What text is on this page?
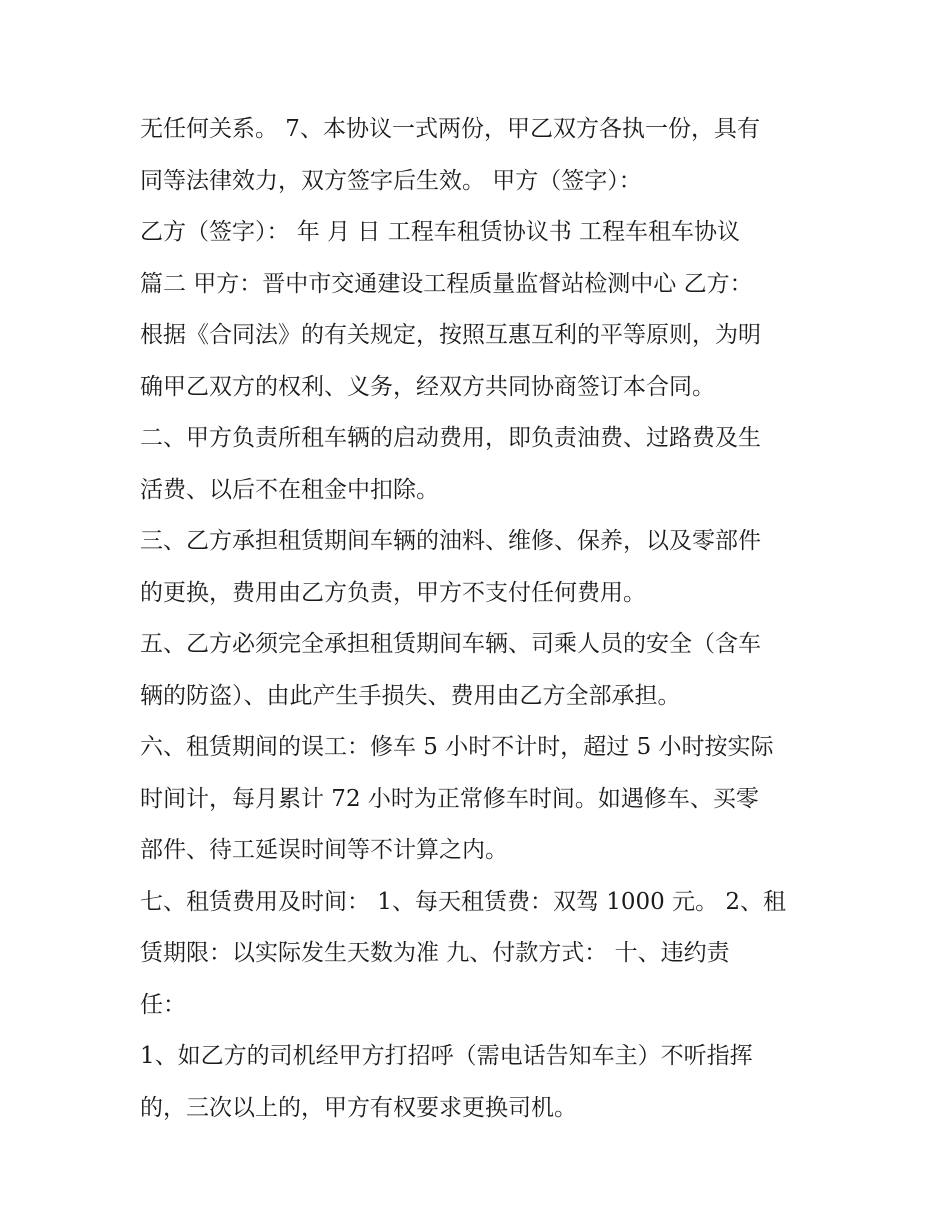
无任何关系。 7、本协议一式两份，甲乙双方各执一份，具有
同等法律效力，双方签字后生效。 甲方（签字）：
乙方（签字）： 年 月 日 工程车租赁协议书 工程车租车协议
篇二 甲方：晋中市交通建设工程质量监督站检测中心 乙方：
根据《合同法》的有关规定，按照互惠互利的平等原则，为明
确甲乙双方的权利、义务，经双方共同协商签订本合同。
二、甲方负责所租车辆的启动费用，即负责油费、过路费及生
活费、以后不在租金中扣除。
三、乙方承担租赁期间车辆的油料、维修、保养，以及零部件
的更换，费用由乙方负责，甲方不支付任何费用。
五、乙方必须完全承担租赁期间车辆、司乘人员的安全（含车
辆的防盗）、由此产生手损失、费用由乙方全部承担。
六、租赁期间的误工：修车 5 小时不计时，超过 5 小时按实际
时间计，每月累计 72 小时为正常修车时间。如遇修车、买零
部件、待工延误时间等不计算之内。
七、租赁费用及时间： 1、每天租赁费：双驾 1000 元。 2、租
赁期限：以实际发生天数为准 九、付款方式： 十、违约责
任：
1、如乙方的司机经甲方打招呼（需电话告知车主）不听指挥
的，三次以上的，甲方有权要求更换司机。
